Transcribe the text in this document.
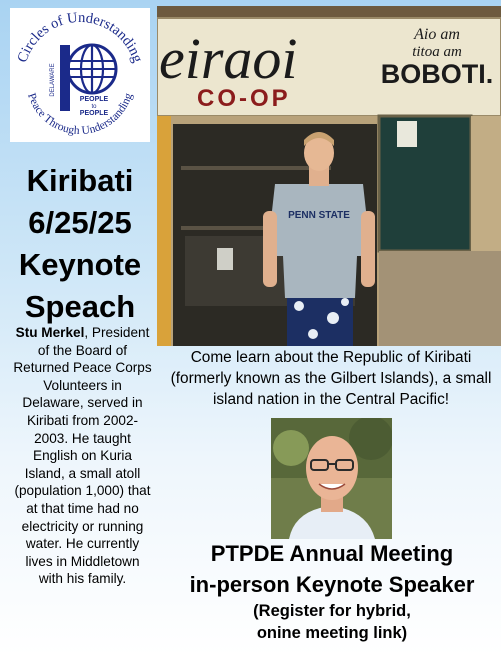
Circles of Understanding
Peace Through Understanding
DELAWARE
PEOPLE
to
PEOPLE
Kiribati
6/25/25
Keynote
Speach
Stu Merkel, President of the Board of Returned Peace Corps Volunteers in Delaware, served in Kiribati from 2002-2003. He taught English on Kuria Island, a small atoll (population 1,000) that at that time had no electricity or running water. He currently lives in Middletown with his family.
eiraoi
CO-OP
Aio am
titoa am
BOBOTI.
PENN STATE
Come learn about the Republic of Kiribati (formerly known as the Gilbert Islands), a small island nation in the Central Pacific!
PTPDE Annual Meeting
in-person Keynote Speaker
(Register for hybrid,
onine meeting link)
